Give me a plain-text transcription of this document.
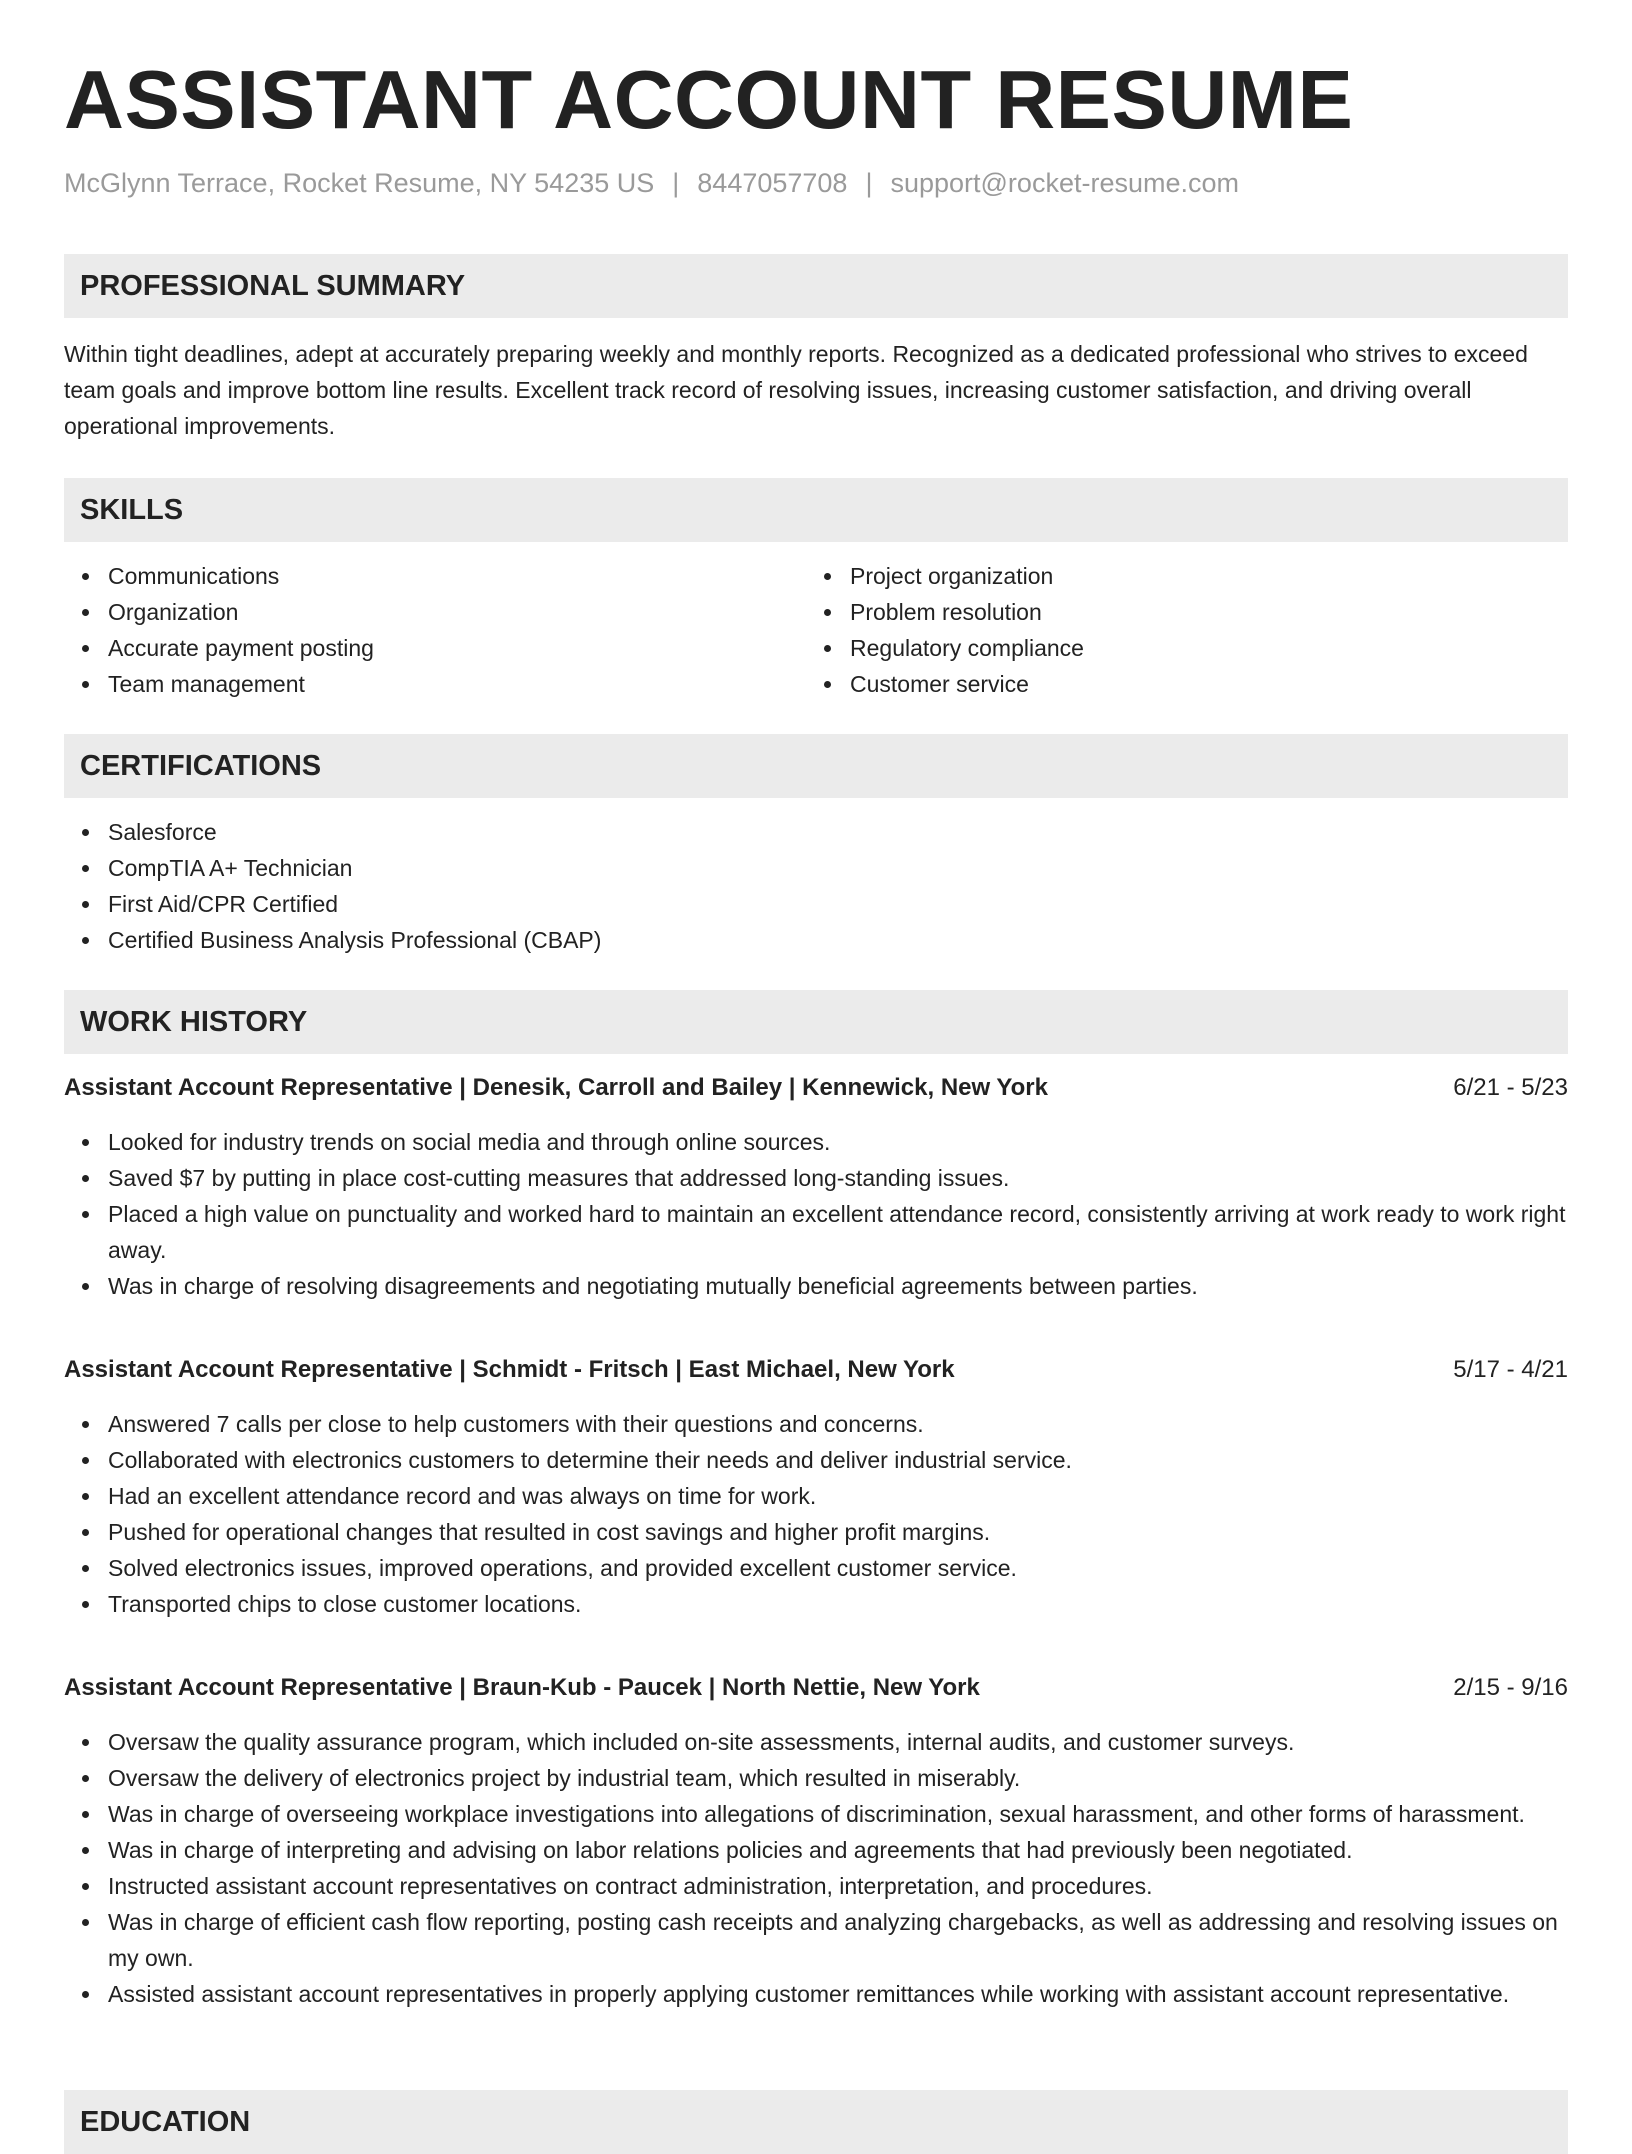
ASSISTANT ACCOUNT RESUME
McGlynn Terrace, Rocket Resume, NY 54235 US | 8447057708 | support@rocket-resume.com
PROFESSIONAL SUMMARY

Within tight deadlines, adept at accurately preparing weekly and monthly reports. Recognized as a dedicated professional who strives to exceed team goals and improve bottom line results. Excellent track record of resolving issues, increasing customer satisfaction, and driving overall operational improvements.

SKILLS
Communications
Organization
Accurate payment posting
Team management
Project organization
Problem resolution
Regulatory compliance
Customer service
CERTIFICATIONS
Salesforce
CompTIA A+ Technician
First Aid/CPR Certified
Certified Business Analysis Professional (CBAP)
WORK HISTORY
Assistant Account Representative | Denesik, Carroll and Bailey | Kennewick, New York	6/21 - 5/23
Looked for industry trends on social media and through online sources.
Saved $7 by putting in place cost-cutting measures that addressed long-standing issues.
Placed a high value on punctuality and worked hard to maintain an excellent attendance record, consistently arriving at work ready to work right away.
Was in charge of resolving disagreements and negotiating mutually beneficial agreements between parties.
Assistant Account Representative | Schmidt - Fritsch | East Michael, New York	5/17 - 4/21
Answered 7 calls per close to help customers with their questions and concerns.
Collaborated with electronics customers to determine their needs and deliver industrial service.
Had an excellent attendance record and was always on time for work.
Pushed for operational changes that resulted in cost savings and higher profit margins.
Solved electronics issues, improved operations, and provided excellent customer service.
Transported chips to close customer locations.
Assistant Account Representative | Braun-Kub - Paucek | North Nettie, New York	2/15 - 9/16
Oversaw the quality assurance program, which included on-site assessments, internal audits, and customer surveys.
Oversaw the delivery of electronics project by industrial team, which resulted in miserably.
Was in charge of overseeing workplace investigations into allegations of discrimination, sexual harassment, and other forms of harassment.
Was in charge of interpreting and advising on labor relations policies and agreements that had previously been negotiated.
Instructed assistant account representatives on contract administration, interpretation, and procedures.
Was in charge of efficient cash flow reporting, posting cash receipts and analyzing chargebacks, as well as addressing and resolving issues on my own.
Assisted assistant account representatives in properly applying customer remittances while working with assistant account representative.
EDUCATION
